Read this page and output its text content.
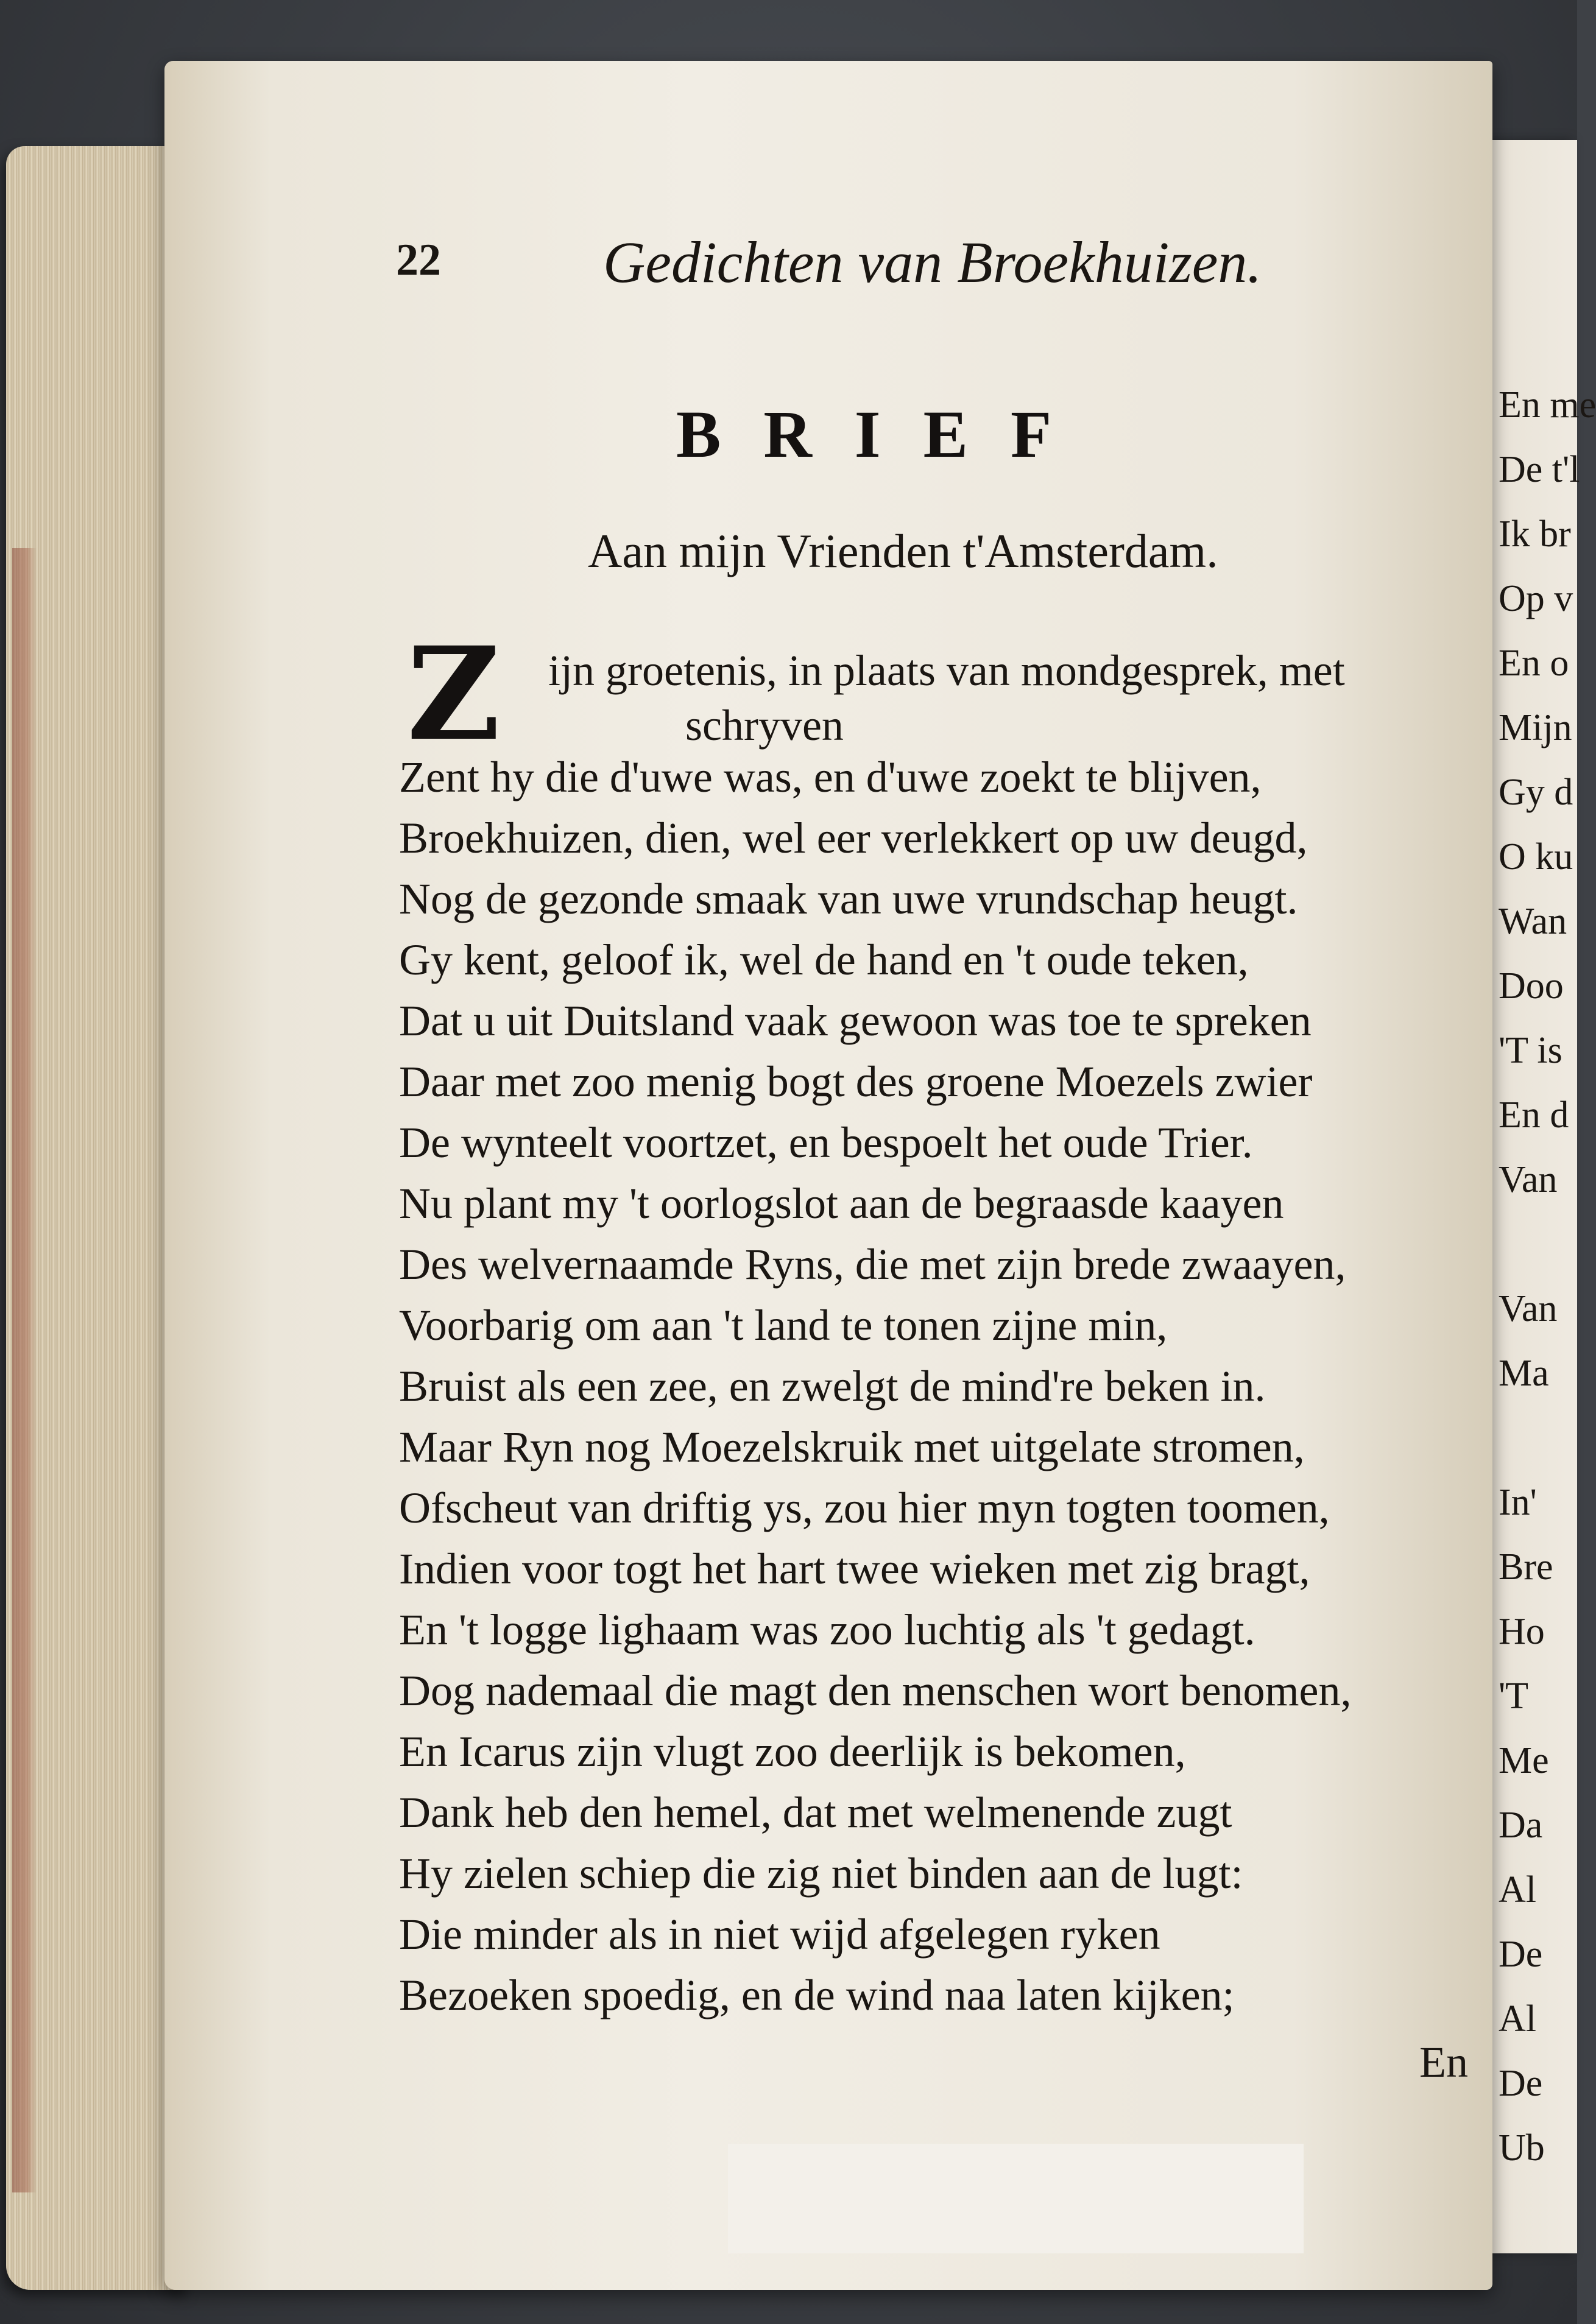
En me
De t'l
Ik br
Op v
En o
Mijn
Gy d
O ku
Wan
Doo
'T is
En d
Van
Van
Ma
In'
Bre
Ho
'T
Me
Da
Al
De
Al
De
Ub
22	Gedichten van Broekhuizen.
BRIEF
Aan mijn Vrienden t'Amsterdam.
Z ijn groetenis, in plaats van mondgesprek, met
schryven
Zent hy die d'uwe was, en d'uwe zoekt te blijven,
Broekhuizen, dien, wel eer verlekkert op uw deugd,
Nog de gezonde smaak van uwe vrundschap heugt.
Gy kent, geloof ik, wel de hand en 't oude teken,
Dat u uit Duitsland vaak gewoon was toe te spreken
Daar met zoo menig bogt des groene Moezels zwier
De wynteelt voortzet, en bespoelt het oude Trier.
Nu plant my 't oorlogslot aan de begraasde kaayen
Des welvernaamde Ryns, die met zijn brede zwaayen,
Voorbarig om aan 't land te tonen zijne min,
Bruist als een zee, en zwelgt de mind're beken in.
Maar Ryn nog Moezelskruik met uitgelate stromen,
Ofscheut van driftig ys, zou hier myn togten toomen,
Indien voor togt het hart twee wieken met zig bragt,
En 't logge lighaam was zoo luchtig als 't gedagt.
Dog nademaal die magt den menschen wort benomen,
En Icarus zijn vlugt zoo deerlijk is bekomen,
Dank heb den hemel, dat met welmenende zugt
Hy zielen schiep die zig niet binden aan de lugt:
Die minder als in niet wijd afgelegen ryken
Bezoeken spoedig, en de wind naa laten kijken;
En
